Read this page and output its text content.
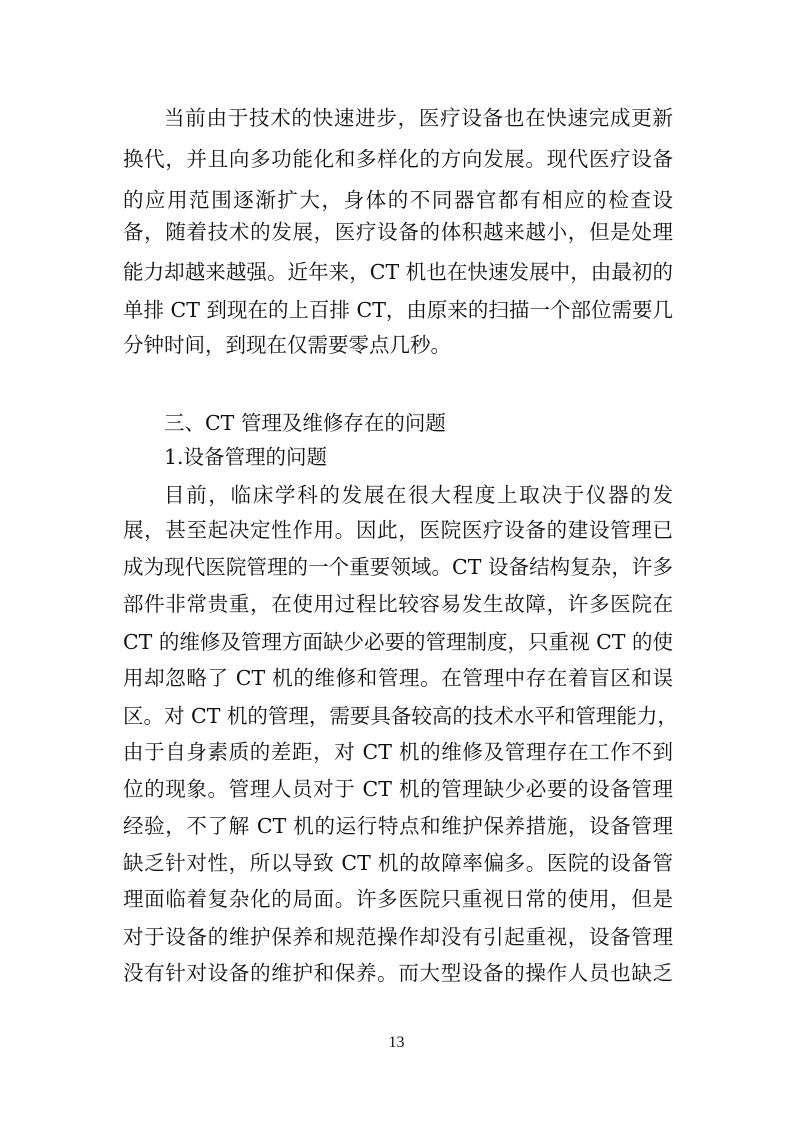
当前由于技术的快速进步，医疗设备也在快速完成更新
换代，并且向多功能化和多样化的方向发展。现代医疗设备
的应用范围逐渐扩大，身体的不同器官都有相应的检查设
备，随着技术的发展，医疗设备的体积越来越小，但是处理
能力却越来越强。近年来，CT 机也在快速发展中，由最初的
单排 CT 到现在的上百排 CT，由原来的扫描一个部位需要几
分钟时间，到现在仅需要零点几秒。
三、CT 管理及维修存在的问题
1.设备管理的问题
目前，临床学科的发展在很大程度上取决于仪器的发
展，甚至起决定性作用。因此，医院医疗设备的建设管理已
成为现代医院管理的一个重要领域。CT 设备结构复杂，许多
部件非常贵重，在使用过程比较容易发生故障，许多医院在
CT 的维修及管理方面缺少必要的管理制度，只重视 CT 的使
用却忽略了 CT 机的维修和管理。在管理中存在着盲区和误
区。对 CT 机的管理，需要具备较高的技术水平和管理能力，
由于自身素质的差距，对 CT 机的维修及管理存在工作不到
位的现象。管理人员对于 CT 机的管理缺少必要的设备管理
经验，不了解 CT 机的运行特点和维护保养措施，设备管理
缺乏针对性，所以导致 CT 机的故障率偏多。医院的设备管
理面临着复杂化的局面。许多医院只重视日常的使用，但是
对于设备的维护保养和规范操作却没有引起重视，设备管理
没有针对设备的维护和保养。而大型设备的操作人员也缺乏
13
